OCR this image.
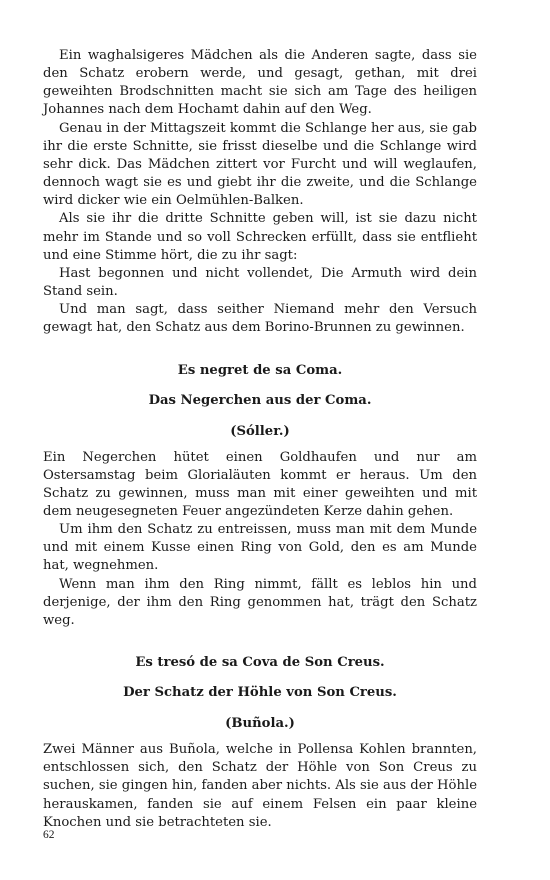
Ein waghalsigeres Mädchen als die Anderen sagte, dass sie den Schatz erobern werde, und gesagt, gethan, mit drei geweihten Brodschnitten macht sie sich am Tage des heiligen Johannes nach dem Hochamt dahin auf den Weg.

Genau in der Mittagszeit kommt die Schlange her aus, sie gab ihr die erste Schnitte, sie frisst dieselbe und die Schlange wird sehr dick. Das Mädchen zittert vor Furcht und will weglaufen, dennoch wagt sie es und giebt ihr die zweite, und die Schlange wird dicker wie ein Oelmühlen-Balken.

Als sie ihr die dritte Schnitte geben will, ist sie dazu nicht mehr im Stande und so voll Schrecken erfüllt, dass sie entflieht und eine Stimme hört, die zu ihr sagt:

Hast begonnen und nicht vollendet, Die Armuth wird dein Stand sein.

Und man sagt, dass seither Niemand mehr den Versuch gewagt hat, den Schatz aus dem Borino-Brunnen zu gewinnen.

Es negret de sa Coma.

Das Negerchen aus der Coma.

(Sóller.)

Ein Negerchen hütet einen Goldhaufen und nur am Ostersamstag beim Glorialäuten kommt er heraus. Um den Schatz zu gewinnen, muss man mit einer geweihten und mit dem neugesegneten Feuer angezündeten Kerze dahin gehen.

Um ihm den Schatz zu entreissen, muss man mit dem Munde und mit einem Kusse einen Ring von Gold, den es am Munde hat, wegnehmen.

Wenn man ihm den Ring nimmt, fällt es leblos hin und derjenige, der ihm den Ring genommen hat, trägt den Schatz weg.

Es tresó de sa Cova de Son Creus.

Der Schatz der Höhle von Son Creus.

(Buñola.)

Zwei Männer aus Buñola, welche in Pollensa Kohlen brannten, entschlossen sich, den Schatz der Höhle von Son Creus zu suchen, sie gingen hin, fanden aber nichts. Als sie aus der Höhle herauskamen, fanden sie auf einem Felsen ein paar kleine Knochen und sie betrachteten sie.

62
